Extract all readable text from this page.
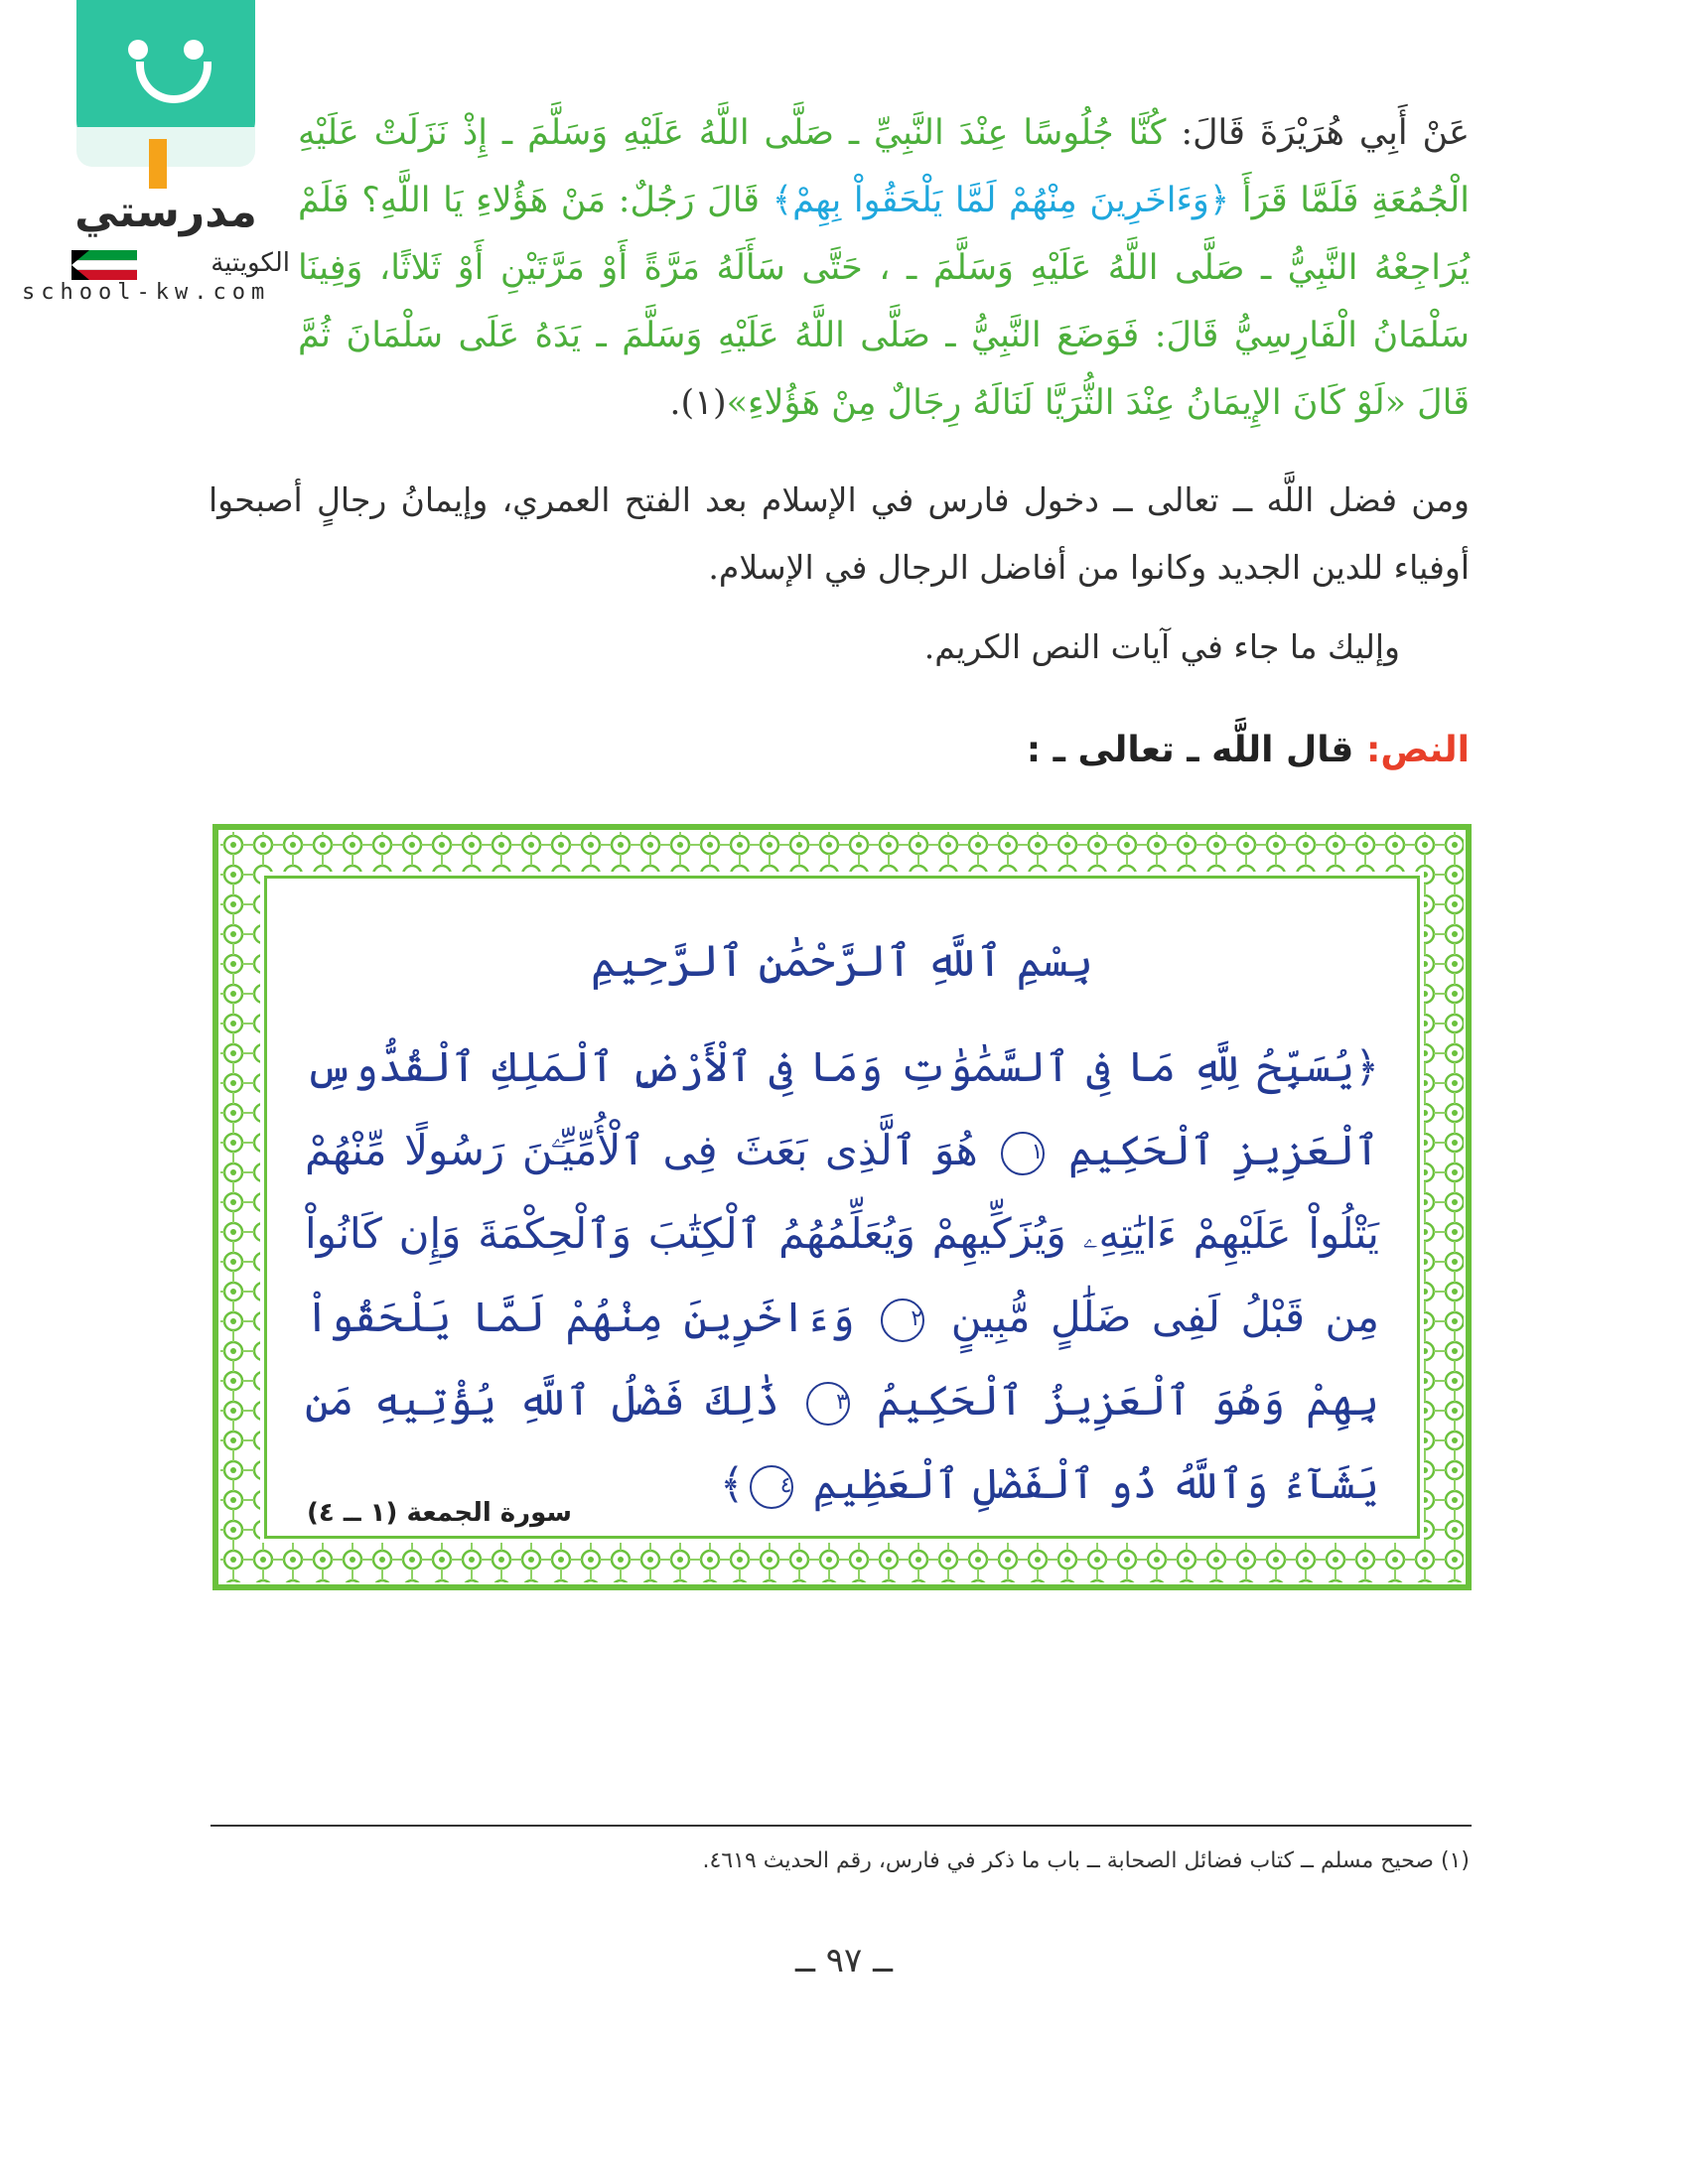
مدرستي
الكويتية
school-kw.com
عَنْ أَبِي هُرَيْرَةَ قَالَ: كُنَّا جُلُوسًا عِنْدَ النَّبِيِّ ـ صَلَّى اللَّهُ عَلَيْهِ وَسَلَّمَ ـ إِذْ نَزَلَتْ عَلَيْهِ الْجُمُعَةِ فَلَمَّا قَرَأَ ﴿وَءَاخَرِينَ مِنْهُمْ لَمَّا يَلْحَقُواْ بِهِمْ﴾ قَالَ رَجُلٌ: مَنْ هَؤُلاءِ يَا اللَّهِ؟ فَلَمْ يُرَاجِعْهُ النَّبِيُّ ـ صَلَّى اللَّهُ عَلَيْهِ وَسَلَّمَ ـ ، حَتَّى سَأَلَهُ مَرَّةً أَوْ مَرَّتَيْنِ أَوْ ثَلاثًا، وَفِينَا سَلْمَانُ الْفَارِسِيُّ قَالَ: فَوَضَعَ النَّبِيُّ ـ صَلَّى اللَّهُ عَلَيْهِ وَسَلَّمَ ـ يَدَهُ عَلَى سَلْمَانَ ثُمَّ قَالَ «لَوْ كَانَ الإِيمَانُ عِنْدَ الثُّرَيَّا لَنَالَهُ رِجَالٌ مِنْ هَؤُلاءِ»(١).
ومن فضل اللَّه ــ تعالى ــ دخول فارس في الإسلام بعد الفتح العمري، وإيمانُ رجالٍ أصبحوا أوفياء للدين الجديد وكانوا من أفاضل الرجال في الإسلام.
وإليك ما جاء في آيات النص الكريم.
النص: قال اللَّه ـ تعالى ـ :
بِسْمِ ٱللَّهِ ٱلرَّحْمَٰنِ ٱلرَّحِيمِ
﴿يُسَبِّحُ لِلَّهِ مَا فِى ٱلسَّمَٰوَٰتِ وَمَا فِى ٱلْأَرْضِ ٱلْمَلِكِ ٱلْقُدُّوسِ ٱلْعَزِيزِ ٱلْحَكِيمِ ١ هُوَ ٱلَّذِى بَعَثَ فِى ٱلْأُمِّيِّـۧنَ رَسُولًا مِّنْهُمْ يَتْلُواْ عَلَيْهِمْ ءَايَٰتِهِۦ وَيُزَكِّيهِمْ وَيُعَلِّمُهُمُ ٱلْكِتَٰبَ وَٱلْحِكْمَةَ وَإِن كَانُواْ مِن قَبْلُ لَفِى ضَلَٰلٍ مُّبِينٍ ٢ وَءَاخَرِينَ مِنْهُمْ لَمَّا يَلْحَقُواْ بِهِمْ وَهُوَ ٱلْعَزِيزُ ٱلْحَكِيمُ ٣ ذَٰلِكَ فَضْلُ ٱللَّهِ يُؤْتِيهِ مَن يَشَآءُ وَٱللَّهُ ذُو ٱلْفَضْلِ ٱلْعَظِيمِ ٤﴾
سورة الجمعة (١ ــ ٤)
(١) صحيح مسلم ــ كتاب فضائل الصحابة ــ باب ما ذكر في فارس، رقم الحديث ٤٦١٩.
ــ ٩٧ ــ
